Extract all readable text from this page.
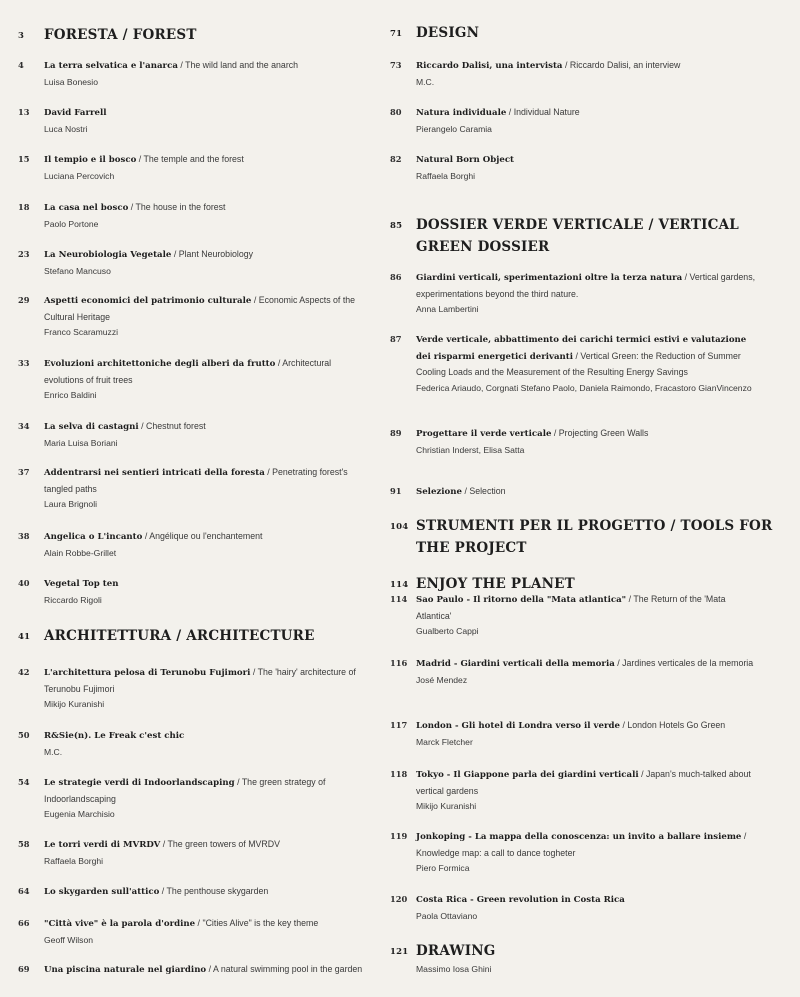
3	FORESTA / FOREST
4	La terra selvatica e l'anarca / The wild land and the anarch
Luisa Bonesio
13	David Farrell
Luca Nostri
15	Il tempio e il bosco / The temple and the forest
Luciana Percovich
18	La casa nel bosco / The house in the forest
Paolo Portone
23	La Neurobiologia Vegetale / Plant Neurobiology
Stefano Mancuso
29	Aspetti economici del patrimonio culturale / Economic Aspects of the Cultural Heritage
Franco Scaramuzzi
33	Evoluzioni architettoniche degli alberi da frutto / Architectural evolutions of fruit trees
Enrico Baldini
34	La selva di castagni / Chestnut forest
Maria Luisa Boriani
37	Addentrarsi nei sentieri intricati della foresta / Penetrating forest's tangled paths
Laura Brignoli
38	Angelica o L'incanto / Angélique ou l'enchantement
Alain Robbe-Grillet
40	Vegetal Top ten
Riccardo Rigoli
41	ARCHITETTURA / ARCHITECTURE
42	L'architettura pelosa di Terunobu Fujimori / The 'hairy' architecture of Terunobu Fujimori
Mikijo Kuranishi
50	R&Sie(n). Le Freak c'est chic
M.C.
54	Le strategie verdi di Indoorlandscaping / The green strategy of Indoorlandscaping
Eugenia Marchisio
58	Le torri verdi di MVRDV / The green towers of MVRDV
Raffaela Borghi
64	Lo skygarden sull'attico / The penthouse skygarden
66	"Città vive" è la parola d'ordine / "Cities Alive" is the key theme
Geoff Wilson
69	Una piscina naturale nel giardino / A natural swimming pool in the garden
71	DESIGN
73	Riccardo Dalisi, una intervista / Riccardo Dalisi, an interview
M.C.
80	Natura individuale / Individual Nature
Pierangelo Caramia
82	Natural Born Object
Raffaela Borghi
85	DOSSIER VERDE VERTICALE / VERTICAL GREEN DOSSIER
86	Giardini verticali, sperimentazioni oltre la terza natura / Vertical gardens, experimentations beyond the third nature.
Anna Lambertini
87	Verde verticale, abbattimento dei carichi termici estivi e valutazione dei risparmi energetici derivanti / Vertical Green: the Reduction of Summer Cooling Loads and the Measurement of the Resulting Energy Savings
Federica Ariaudo, Corgnati Stefano Paolo, Daniela Raimondo, Fracastoro GianVincenzo
89	Progettare il verde verticale / Projecting Green Walls
Christian Inderst, Elisa Satta
91	Selezione / Selection
104 STRUMENTI PER IL PROGETTO / TOOLS FOR THE PROJECT
114 ENJOY THE PLANET
114	Sao Paulo - Il ritorno della "Mata atlantica" / The Return of the 'Mata Atlantica'
Gualberto Cappi
116	Madrid - Giardini verticali della memoria / Jardines verticales de la memoria
José Mendez
117	London - Gli hotel di Londra verso il verde / London Hotels Go Green
Marck Fletcher
118	Tokyo - Il Giappone parla dei giardini verticali / Japan's much-talked about vertical gardens
Mikijo Kuranishi
119	Jonkoping - La mappa della conoscenza: un invito a ballare insieme / Knowledge map: a call to dance togheter
Piero Formica
120	Costa Rica - Green revolution in Costa Rica
Paola Ottaviano
121 DRAWING
Massimo Iosa Ghini
